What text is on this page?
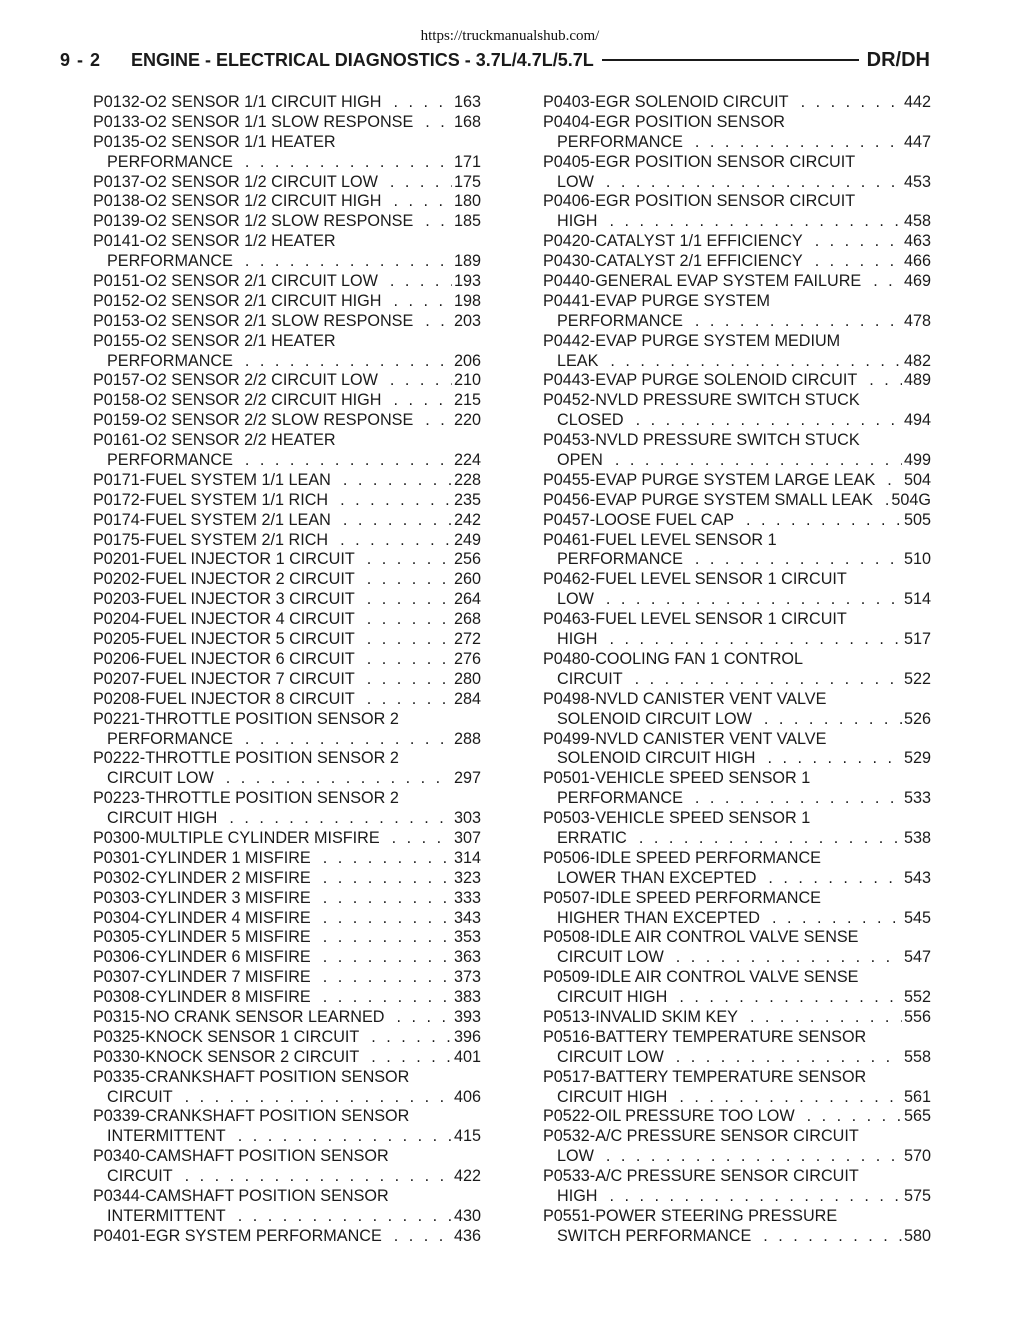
https://truckmanualshub.com/
9 - 2 ENGINE - ELECTRICAL DIAGNOSTICS - 3.7L/4.7L/5.7L	DR/DH
P0132-O2 SENSOR 1/1 CIRCUIT HIGH . . .	163
P0133-O2 SENSOR 1/1 SLOW RESPONSE . . .	168
P0135-O2 SENSOR 1/1 HEATER
PERFORMANCE . . .	171
P0137-O2 SENSOR 1/2 CIRCUIT LOW . . .	175
P0138-O2 SENSOR 1/2 CIRCUIT HIGH . . .	180
P0139-O2 SENSOR 1/2 SLOW RESPONSE . . .	185
P0141-O2 SENSOR 1/2 HEATER
PERFORMANCE . . .	189
P0151-O2 SENSOR 2/1 CIRCUIT LOW . . .	193
P0152-O2 SENSOR 2/1 CIRCUIT HIGH . . .	198
P0153-O2 SENSOR 2/1 SLOW RESPONSE . . .	203
P0155-O2 SENSOR 2/1 HEATER
PERFORMANCE . . .	206
P0157-O2 SENSOR 2/2 CIRCUIT LOW . . .	210
P0158-O2 SENSOR 2/2 CIRCUIT HIGH . . .	215
P0159-O2 SENSOR 2/2 SLOW RESPONSE . . .	220
P0161-O2 SENSOR 2/2 HEATER
PERFORMANCE . . .	224
P0171-FUEL SYSTEM 1/1 LEAN . . .	228
P0172-FUEL SYSTEM 1/1 RICH . . .	235
P0174-FUEL SYSTEM 2/1 LEAN . . .	242
P0175-FUEL SYSTEM 2/1 RICH . . .	249
P0201-FUEL INJECTOR 1 CIRCUIT . . .	256
P0202-FUEL INJECTOR 2 CIRCUIT . . .	260
P0203-FUEL INJECTOR 3 CIRCUIT . . .	264
P0204-FUEL INJECTOR 4 CIRCUIT . . .	268
P0205-FUEL INJECTOR 5 CIRCUIT . . .	272
P0206-FUEL INJECTOR 6 CIRCUIT . . .	276
P0207-FUEL INJECTOR 7 CIRCUIT . . .	280
P0208-FUEL INJECTOR 8 CIRCUIT . . .	284
P0221-THROTTLE POSITION SENSOR 2
PERFORMANCE . . .	288
P0222-THROTTLE POSITION SENSOR 2
CIRCUIT LOW . . .	297
P0223-THROTTLE POSITION SENSOR 2
CIRCUIT HIGH . . .	303
P0300-MULTIPLE CYLINDER MISFIRE . . .	307
P0301-CYLINDER 1 MISFIRE . . .	314
P0302-CYLINDER 2 MISFIRE . . .	323
P0303-CYLINDER 3 MISFIRE . . .	333
P0304-CYLINDER 4 MISFIRE . . .	343
P0305-CYLINDER 5 MISFIRE . . .	353
P0306-CYLINDER 6 MISFIRE . . .	363
P0307-CYLINDER 7 MISFIRE . . .	373
P0308-CYLINDER 8 MISFIRE . . .	383
P0315-NO CRANK SENSOR LEARNED . . .	393
P0325-KNOCK SENSOR 1 CIRCUIT . . .	396
P0330-KNOCK SENSOR 2 CIRCUIT . . .	401
P0335-CRANKSHAFT POSITION SENSOR
CIRCUIT . . .	406
P0339-CRANKSHAFT POSITION SENSOR
INTERMITTENT . . .	415
P0340-CAMSHAFT POSITION SENSOR
CIRCUIT . . .	422
P0344-CAMSHAFT POSITION SENSOR
INTERMITTENT . . .	430
P0401-EGR SYSTEM PERFORMANCE . . .	436
P0403-EGR SOLENOID CIRCUIT . . .	442
P0404-EGR POSITION SENSOR
PERFORMANCE . . .	447
P0405-EGR POSITION SENSOR CIRCUIT
LOW . . .	453
P0406-EGR POSITION SENSOR CIRCUIT
HIGH . . .	458
P0420-CATALYST 1/1 EFFICIENCY . . .	463
P0430-CATALYST 2/1 EFFICIENCY . . .	466
P0440-GENERAL EVAP SYSTEM FAILURE . . .	469
P0441-EVAP PURGE SYSTEM
PERFORMANCE . . .	478
P0442-EVAP PURGE SYSTEM MEDIUM
LEAK . . .	482
P0443-EVAP PURGE SOLENOID CIRCUIT . . .	489
P0452-NVLD PRESSURE SWITCH STUCK
CLOSED . . .	494
P0453-NVLD PRESSURE SWITCH STUCK
OPEN . . .	499
P0455-EVAP PURGE SYSTEM LARGE LEAK . . . 504
P0456-EVAP PURGE SYSTEM SMALL LEAK . . . 504G
P0457-LOOSE FUEL CAP . . .	505
P0461-FUEL LEVEL SENSOR 1
PERFORMANCE . . .	510
P0462-FUEL LEVEL SENSOR 1 CIRCUIT
LOW . . .	514
P0463-FUEL LEVEL SENSOR 1 CIRCUIT
HIGH . . .	517
P0480-COOLING FAN 1 CONTROL
CIRCUIT . . .	522
P0498-NVLD CANISTER VENT VALVE
SOLENOID CIRCUIT LOW . . .	526
P0499-NVLD CANISTER VENT VALVE
SOLENOID CIRCUIT HIGH . . .	529
P0501-VEHICLE SPEED SENSOR 1
PERFORMANCE . . .	533
P0503-VEHICLE SPEED SENSOR 1
ERRATIC . . .	538
P0506-IDLE SPEED PERFORMANCE
LOWER THAN EXCEPTED . . .	543
P0507-IDLE SPEED PERFORMANCE
HIGHER THAN EXCEPTED . . .	545
P0508-IDLE AIR CONTROL VALVE SENSE
CIRCUIT LOW . . .	547
P0509-IDLE AIR CONTROL VALVE SENSE
CIRCUIT HIGH . . .	552
P0513-INVALID SKIM KEY . . .	556
P0516-BATTERY TEMPERATURE SENSOR
CIRCUIT LOW . . .	558
P0517-BATTERY TEMPERATURE SENSOR
CIRCUIT HIGH . . .	561
P0522-OIL PRESSURE TOO LOW . . .	565
P0532-A/C PRESSURE SENSOR CIRCUIT
LOW . . .	570
P0533-A/C PRESSURE SENSOR CIRCUIT
HIGH . . .	575
P0551-POWER STEERING PRESSURE
SWITCH PERFORMANCE . . .	580
